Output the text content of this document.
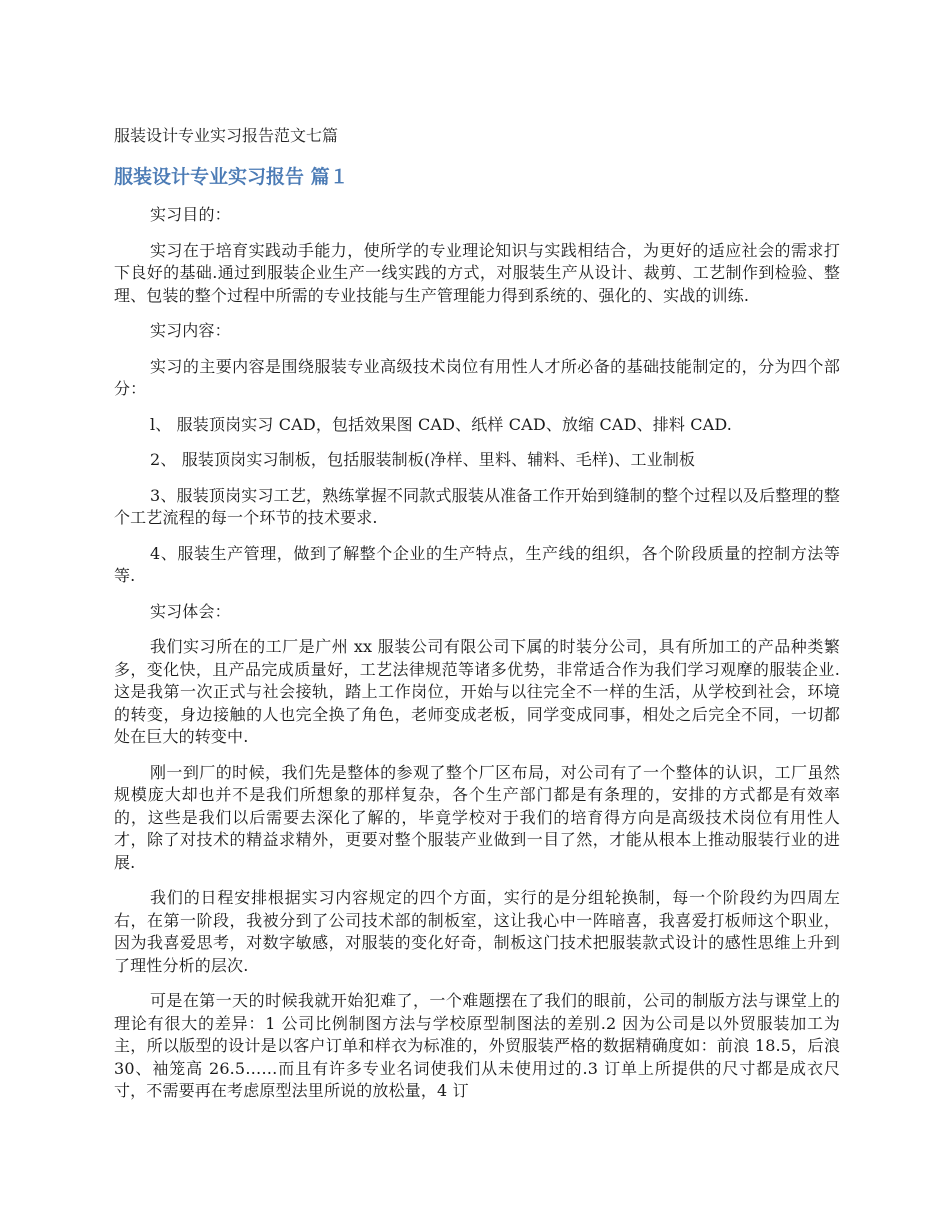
服装设计专业实习报告范文七篇
服装设计专业实习报告 篇１

实习目的：

实习在于培育实践动手能力，使所学的专业理论知识与实践相结合，为更好的适应社会的需求打下良好的基础.通过到服装企业生产一线实践的方式，对服装生产从设计、裁剪、工艺制作到检验、整理、包装的整个过程中所需的专业技能与生产管理能力得到系统的、强化的、实战的训练.

实习内容：

实习的主要内容是围绕服装专业高级技术岗位有用性人才所必备的基础技能制定的，分为四个部分：

l、 服装顶岗实习 CAD，包括效果图 CAD、纸样 CAD、放缩 CAD、排料 CAD.

2、 服装顶岗实习制板，包括服装制板(净样、里料、辅料、毛样)、工业制板

3、服装顶岗实习工艺，熟练掌握不同款式服装从准备工作开始到缝制的整个过程以及后整理的整个工艺流程的每一个环节的技术要求.

4、服装生产管理，做到了解整个企业的生产特点，生产线的组织，各个阶段质量的控制方法等等.

实习体会：

我们实习所在的工厂是广州 xx 服装公司有限公司下属的时装分公司，具有所加工的产品种类繁多，变化快，且产品完成质量好，工艺法律规范等诸多优势，非常适合作为我们学习观摩的服装企业.这是我第一次正式与社会接轨，踏上工作岗位，开始与以往完全不一样的生活，从学校到社会，环境的转变，身边接触的人也完全换了角色，老师变成老板，同学变成同事，相处之后完全不同，一切都处在巨大的转变中.

刚一到厂的时候，我们先是整体的参观了整个厂区布局，对公司有了一个整体的认识，工厂虽然规模庞大却也并不是我们所想象的那样复杂，各个生产部门都是有条理的，安排的方式都是有效率的，这些是我们以后需要去深化了解的，毕竟学校对于我们的培育得方向是高级技术岗位有用性人才，除了对技术的精益求精外，更要对整个服装产业做到一目了然，才能从根本上推动服装行业的进展.

我们的日程安排根据实习内容规定的四个方面，实行的是分组轮换制，每一个阶段约为四周左右，在第一阶段，我被分到了公司技术部的制板室，这让我心中一阵暗喜，我喜爱打板师这个职业，因为我喜爱思考，对数字敏感，对服装的变化好奇，制板这门技术把服装款式设计的感性思维上升到了理性分析的层次.

可是在第一天的时候我就开始犯难了，一个难题摆在了我们的眼前，公司的制版方法与课堂上的理论有很大的差异：1 公司比例制图方法与学校原型制图法的差别.2 因为公司是以外贸服装加工为主，所以版型的设计是以客户订单和样衣为标准的，外贸服装严格的数据精确度如：前浪 18.5，后浪 30、袖笼高 26.5……而且有许多专业名词使我们从未使用过的.3 订单上所提供的尺寸都是成衣尺寸，不需要再在考虑原型法里所说的放松量，4 订
